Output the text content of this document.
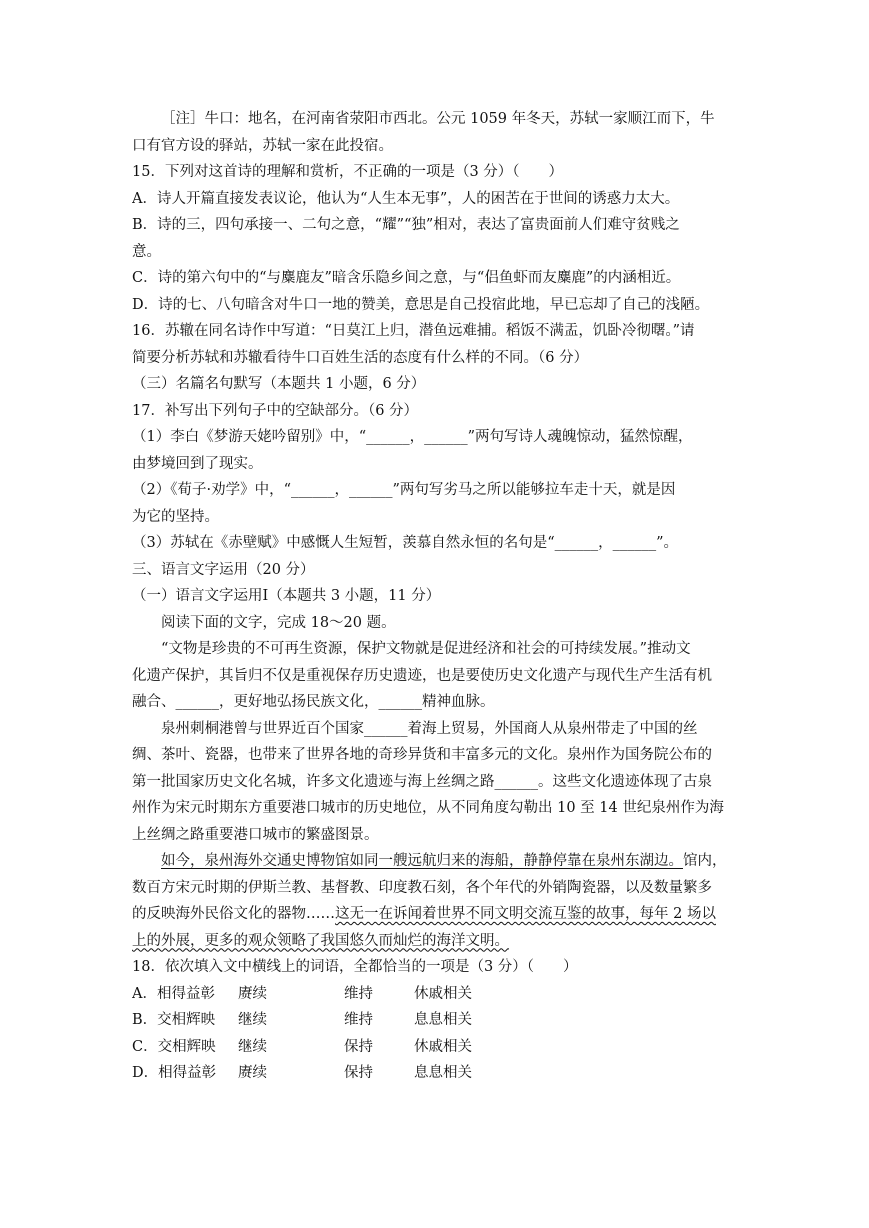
［注］牛口：地名，在河南省荥阳市西北。公元 1059 年冬天，苏轼一家顺江而下，牛
口有官方设的驿站，苏轼一家在此投宿。
15．下列对这首诗的理解和赏析，不正确的一项是（3 分）（　　）
A．诗人开篇直接发表议论，他认为“人生本无事”，人的困苦在于世间的诱惑力太大。
B．诗的三，四句承接一、二句之意，“耀”“独”相对，表达了富贵面前人们难守贫贱之
意。
C．诗的第六句中的“与麋鹿友”暗含乐隐乡间之意，与“侣鱼虾而友麋鹿”的内涵相近。
D．诗的七、八句暗含对牛口一地的赞美，意思是自己投宿此地，早已忘却了自己的浅陋。
16．苏辙在同名诗作中写道：“日莫江上归，潜鱼远难捕。稻饭不满盂，饥卧冷彻曙。”请
简要分析苏轼和苏辙看待牛口百姓生活的态度有什么样的不同。（6 分）
（三）名篇名句默写（本题共 1 小题，6 分）
17．补写出下列句子中的空缺部分。（6 分）
（1）李白《梦游天姥吟留别》中，“______，______”两句写诗人魂魄惊动，猛然惊醒，
由梦境回到了现实。
（2）《荀子·劝学》中，“______，______”两句写劣马之所以能够拉车走十天，就是因
为它的坚持。
（3）苏轼在《赤壁赋》中感慨人生短暂，羡慕自然永恒的名句是“______，______”。
三、语言文字运用（20 分）
（一）语言文字运用Ⅰ（本题共 3 小题，11 分）
阅读下面的文字，完成 18～20 题。
“文物是珍贵的不可再生资源，保护文物就是促进经济和社会的可持续发展。”推动文
化遗产保护，其旨归不仅是重视保存历史遗迹，也是要使历史文化遗产与现代生产生活有机
融合、______，更好地弘扬民族文化，______精神血脉。
泉州刺桐港曾与世界近百个国家______着海上贸易，外国商人从泉州带走了中国的丝
绸、茶叶、瓷器，也带来了世界各地的奇珍异货和丰富多元的文化。泉州作为国务院公布的
第一批国家历史文化名城，许多文化遗迹与海上丝绸之路______。这些文化遗迹体现了古泉
州作为宋元时期东方重要港口城市的历史地位，从不同角度勾勒出 10 至 14 世纪泉州作为海
上丝绸之路重要港口城市的繁盛图景。
如今，泉州海外交通史博物馆如同一艘远航归来的海船，静静停靠在泉州东湖边。馆内，
数百方宋元时期的伊斯兰教、基督教、印度教石刻，各个年代的外销陶瓷器，以及数量繁多
的反映海外民俗文化的器物……这无一在诉闻着世界不同文明交流互鉴的故事，每年 2 场以
上的外展，更多的观众领略了我国悠久而灿烂的海洋文明。
18．依次填入文中横线上的词语，全都恰当的一项是（3 分）（　　）
A．相得益彰 赓续	维持	休戚相关
B．交相辉映 继续	维持	息息相关
C．交相辉映 继续	保持	休戚相关
D．相得益彰 赓续	保持	息息相关
